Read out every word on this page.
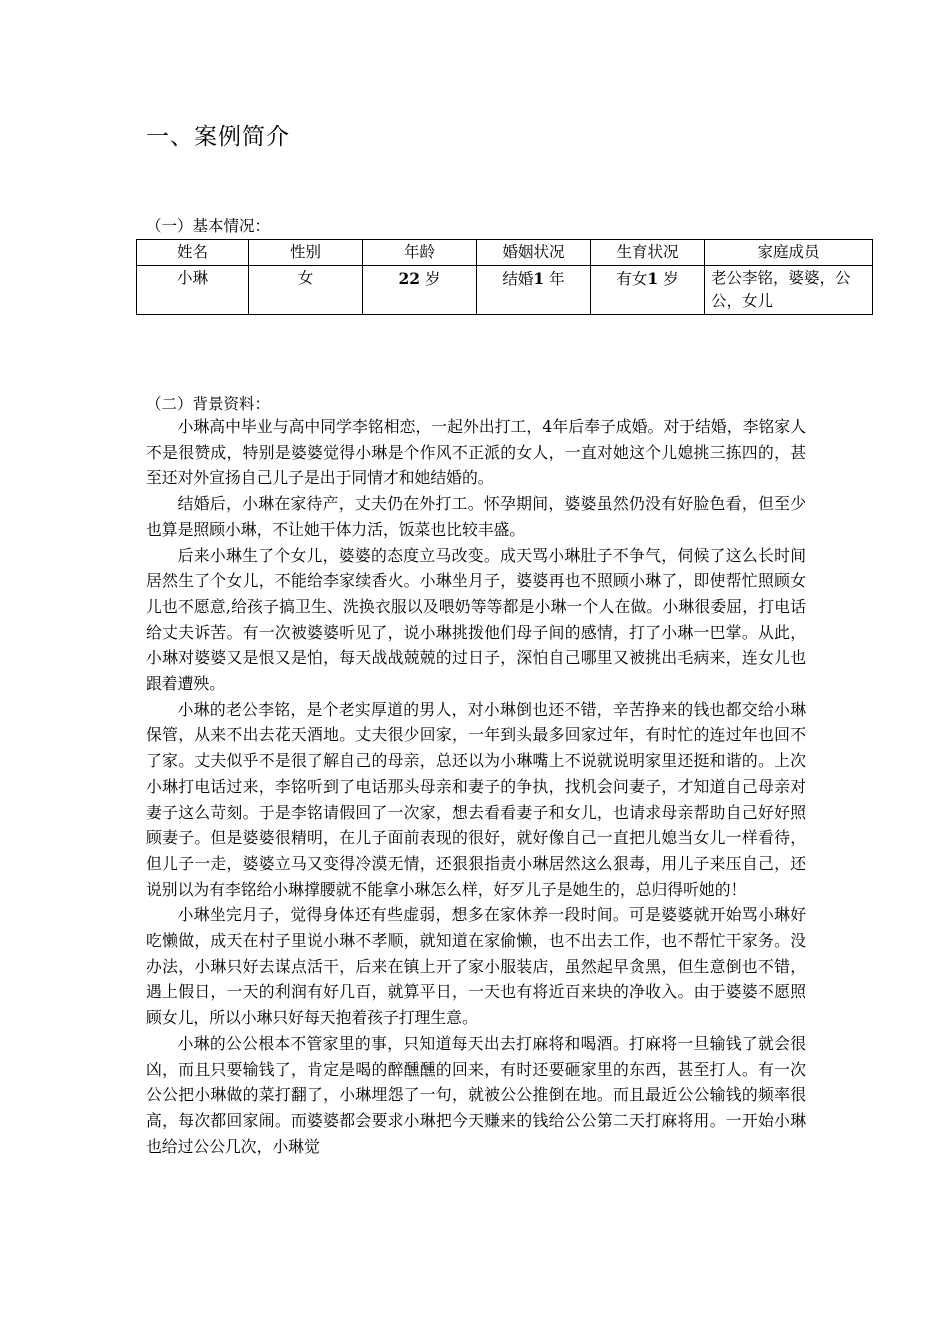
一、案例简介
（一）基本情况：
姓名	性别	年龄	婚姻状况	生育状况	家庭成员
小琳	女	22 岁	结婚1 年	有女1 岁	老公李铭，婆婆，公公，女儿
（二）背景资料：

小琳高中毕业与高中同学李铭相恋，一起外出打工，4年后奉子成婚。对于结婚，李铭家人不是很赞成，特别是婆婆觉得小琳是个作风不正派的女人，一直对她这个儿媳挑三拣四的，甚至还对外宣扬自己儿子是出于同情才和她结婚的。

结婚后，小琳在家待产，丈夫仍在外打工。怀孕期间，婆婆虽然仍没有好脸色看，但至少也算是照顾小琳，不让她干体力活，饭菜也比较丰盛。

后来小琳生了个女儿，婆婆的态度立马改变。成天骂小琳肚子不争气，伺候了这么长时间居然生了个女儿，不能给李家续香火。小琳坐月子，婆婆再也不照顾小琳了，即使帮忙照顾女儿也不愿意,给孩子搞卫生、洗换衣服以及喂奶等等都是小琳一个人在做。小琳很委屈，打电话给丈夫诉苦。有一次被婆婆听见了，说小琳挑拨他们母子间的感情，打了小琳一巴掌。从此，小琳对婆婆又是恨又是怕，每天战战兢兢的过日子，深怕自己哪里又被挑出毛病来，连女儿也跟着遭殃。

小琳的老公李铭，是个老实厚道的男人，对小琳倒也还不错，辛苦挣来的钱也都交给小琳保管，从来不出去花天酒地。丈夫很少回家，一年到头最多回家过年，有时忙的连过年也回不了家。丈夫似乎不是很了解自己的母亲，总还以为小琳嘴上不说就说明家里还挺和谐的。上次小琳打电话过来，李铭听到了电话那头母亲和妻子的争执，找机会问妻子，才知道自己母亲对妻子这么苛刻。于是李铭请假回了一次家，想去看看妻子和女儿，也请求母亲帮助自己好好照顾妻子。但是婆婆很精明，在儿子面前表现的很好，就好像自己一直把儿媳当女儿一样看待，但儿子一走，婆婆立马又变得冷漠无情，还狠狠指责小琳居然这么狠毒，用儿子来压自己，还说别以为有李铭给小琳撑腰就不能拿小琳怎么样，好歹儿子是她生的，总归得听她的！

小琳坐完月子，觉得身体还有些虚弱，想多在家休养一段时间。可是婆婆就开始骂小琳好吃懒做，成天在村子里说小琳不孝顺，就知道在家偷懒，也不出去工作，也不帮忙干家务。没办法，小琳只好去谋点活干，后来在镇上开了家小服装店，虽然起早贪黑，但生意倒也不错，遇上假日，一天的利润有好几百，就算平日，一天也有将近百来块的净收入。由于婆婆不愿照顾女儿，所以小琳只好每天抱着孩子打理生意。

小琳的公公根本不管家里的事，只知道每天出去打麻将和喝酒。打麻将一旦输钱了就会很凶，而且只要输钱了，肯定是喝的醉醺醺的回来，有时还要砸家里的东西，甚至打人。有一次公公把小琳做的菜打翻了，小琳埋怨了一句，就被公公推倒在地。而且最近公公输钱的频率很高，每次都回家闹。而婆婆都会要求小琳把今天赚来的钱给公公第二天打麻将用。一开始小琳也给过公公几次，小琳觉
